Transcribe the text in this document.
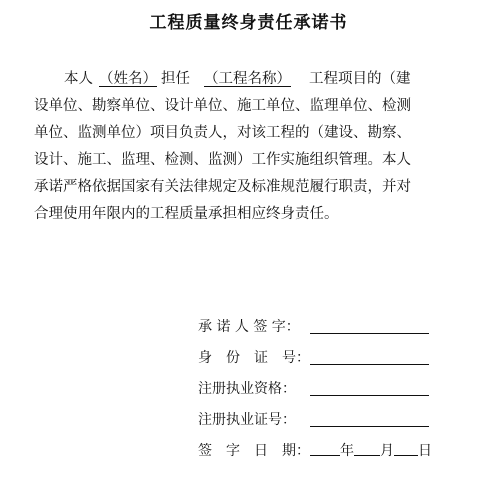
工程质量终身责任承诺书
本人 （姓名） 担任 （工程名称） 工程项目的（建
设单位、勘察单位、设计单位、施工单位、监理单位、检测
单位、监测单位）项目负责人，对该工程的（建设、勘察、
设计、施工、监理、检测、监测）工作实施组织管理。本人
承诺严格依据国家有关法律规定及标准规范履行职责，并对
合理使用年限内的工程质量承担相应终身责任。
承 诺 人 签 字：
身　份　证　号：
注册执业资格：
注册执业证号：
签　字　日　期：	年 月 日
